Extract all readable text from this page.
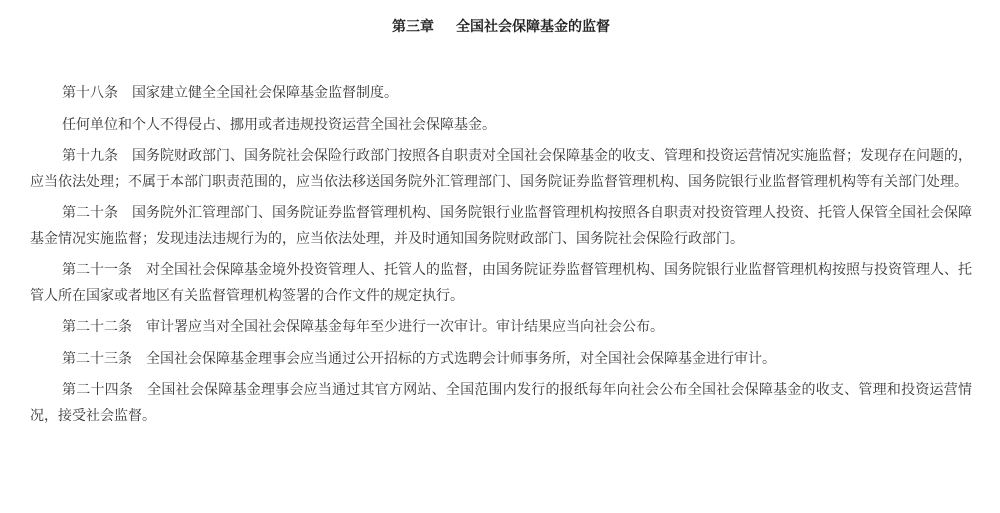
第三章 全国社会保障基金的监督

第十八条 国家建立健全全国社会保障基金监督制度。

任何单位和个人不得侵占、挪用或者违规投资运营全国社会保障基金。

第十九条 国务院财政部门、国务院社会保险行政部门按照各自职责对全国社会保障基金的收支、管理和投资运营情况实施监督；发现存在问题的，应当依法处理；不属于本部门职责范围的，应当依法移送国务院外汇管理部门、国务院证券监督管理机构、国务院银行业监督管理机构等有关部门处理。

第二十条 国务院外汇管理部门、国务院证券监督管理机构、国务院银行业监督管理机构按照各自职责对投资管理人投资、托管人保管全国社会保障基金情况实施监督；发现违法违规行为的，应当依法处理，并及时通知国务院财政部门、国务院社会保险行政部门。

第二十一条 对全国社会保障基金境外投资管理人、托管人的监督，由国务院证券监督管理机构、国务院银行业监督管理机构按照与投资管理人、托管人所在国家或者地区有关监督管理机构签署的合作文件的规定执行。

第二十二条 审计署应当对全国社会保障基金每年至少进行一次审计。审计结果应当向社会公布。

第二十三条 全国社会保障基金理事会应当通过公开招标的方式选聘会计师事务所，对全国社会保障基金进行审计。

第二十四条 全国社会保障基金理事会应当通过其官方网站、全国范围内发行的报纸每年向社会公布全国社会保障基金的收支、管理和投资运营情况，接受社会监督。
